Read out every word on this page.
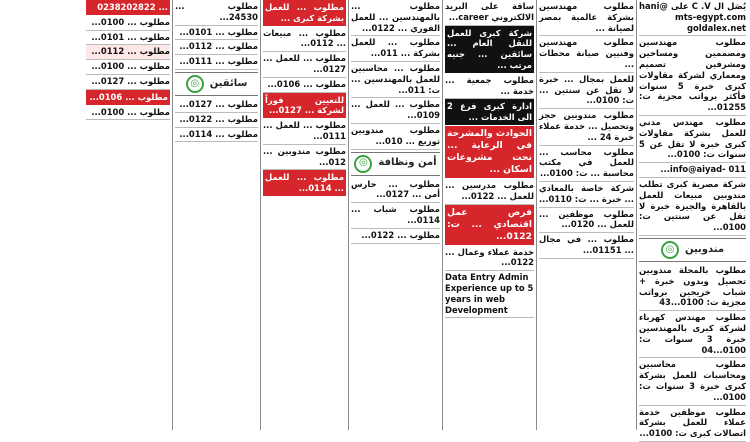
يُصَل ال C .V على hani@ mts-egypt.com goldalex.net
مطلوب مهندسين ومصممين ومساحين ومشرفين تصميم ومعماري لشركة مقاولات كبرى خبرة 5 سنوات فأكثر برواتب مجزية ت: 01255...
مطلوب مهندس مدني للعمل بشركة مقاولات كبرى خبرة لا تقل عن 5 سنوات ت: 0100...
info@aiyad- 011...
شركة مصرية كبرى تطلب مندوبين مبيعات للعمل بالقاهرة والجيزة خبرة لا تقل عن سنتين ت: 0100...
مندوبين
◎
مطلوب بالمحلة مندوبين تحصيل وبدون خبرة + شباب خريجين برواتب مجزية ت: 0100...43
مطلوب مهندس كهرباء لشركة كبرى بالمهندسين خبرة 3 سنوات ت: 0100...04
مطلوب محاسبين ومحاسبات للعمل بشركة كبرى خبرة 3 سنوات ت: 0100...
مطلوب موظفين خدمة عملاء للعمل بشركة اتصالات كبرى ت: 0100...
مطلوب مهندسين بشركة عالمية بمصر لصيانة ...
مطلوب مهندسين وفنيين صيانة محطات ...
للعمل بمجال ... خبرة لا تقل عن سنتين ... ت: 0100...
مطلوب مندوبين حجز وتحصيل ... خدمة عملاء خبرة 24 ...
مطلوب محاسب ... للعمل في مكتب محاسبة ... ت: 0100...
شركة خاصة بالمعادي ... خبرة ... ت: 0110...
مطلوب موظفين ... للعمل ... 0120...
مطلوب ... في مجال ... 01151...
ساقة على البريد الالكتروني career...
شركة كبرى للعمل للنقل العام ... سائقين ... جنيه مرتب ...
مطلوب جمعية ... خدمة ...
ادارة كبرى فرع 2 الى الخدمات ...
الحوادث والمشرحة في الرعاية ... نحت مشروعات اسكان ...
مطلوب مدرسين ... للعمل ... 0122...
فرص عمل اقتصادي ... ت: 0122...
خدمة عملاء وعمال ... 0122...
Data Entry Admin Experience up to 5 years in web Development
مطلوب ... بالمهندسين ... للعمل الفوري ... 0122...
مطلوب ... للعمل بشركة ... 011...
مطلوب ... محاسبين للعمل بالمهندسين ... ت: 011...
مطلوب ... للعمل ... 0109...
مطلوب مندوبين توزيع ... 010...
أمن ونظافة
◎
مطلوب ... حارس أمن ... 0127...
مطلوب شباب ... 0114...
مطلوب ... 0122...
مطلوب ... للعمل بشركة كبرى ...
مطلوب ... مبيعات ... 0112...
مطلوب ... للعمل ... 0127...
مطلوب ... 0106...
للتعيين فوراً لشركة ... 0127...
مطلوب ... للعمل ... 0111...
مطلوب مندوبين ... 012...
مطلوب ... للعمل ... 0114...
مطلوب ... 24530...
مطلوب ... 0101...
مطلوب ... 0112...
مطلوب ... 0111...
سائقين
◎
مطلوب ... 0127...
مطلوب ... 0122...
مطلوب ... 0114...
... 0238202822
مطلوب ... 0100...
مطلوب ... 0101...
مطلوب ... 0112...
مطلوب ... 0100...
مطلوب ... 0127...
مطلوب ... 0106...
مطلوب ... 0100...
